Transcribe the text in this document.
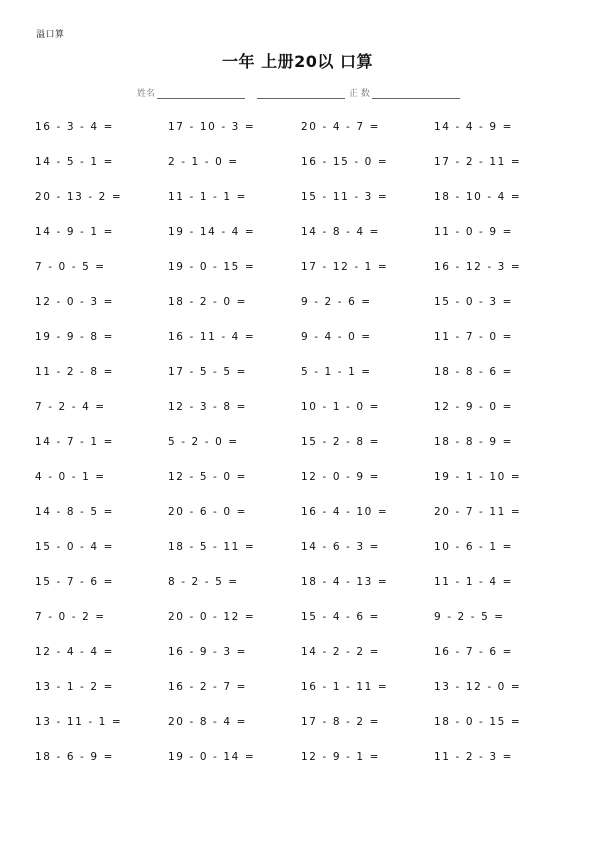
溢口算
一年 上册20以 口算
姓名	正 数
16 - 3 - 4 =	17 - 10 - 3 =	20 - 4 - 7 =	14 - 4 - 9 =
14 - 5 - 1 =	2 - 1 - 0 =	16 - 15 - 0 =	17 - 2 - 11 =
20 - 13 - 2 =	11 - 1 - 1 =	15 - 11 - 3 =	18 - 10 - 4 =
14 - 9 - 1 =	19 - 14 - 4 =	14 - 8 - 4 =	11 - 0 - 9 =
7 - 0 - 5 =	19 - 0 - 15 =	17 - 12 - 1 =	16 - 12 - 3 =
12 - 0 - 3 =	18 - 2 - 0 =	9 - 2 - 6 =	15 - 0 - 3 =
19 - 9 - 8 =	16 - 11 - 4 =	9 - 4 - 0 =	11 - 7 - 0 =
11 - 2 - 8 =	17 - 5 - 5 =	5 - 1 - 1 =	18 - 8 - 6 =
7 - 2 - 4 =	12 - 3 - 8 =	10 - 1 - 0 =	12 - 9 - 0 =
14 - 7 - 1 =	5 - 2 - 0 =	15 - 2 - 8 =	18 - 8 - 9 =
4 - 0 - 1 =	12 - 5 - 0 =	12 - 0 - 9 =	19 - 1 - 10 =
14 - 8 - 5 =	20 - 6 - 0 =	16 - 4 - 10 =	20 - 7 - 11 =
15 - 0 - 4 =	18 - 5 - 11 =	14 - 6 - 3 =	10 - 6 - 1 =
15 - 7 - 6 =	8 - 2 - 5 =	18 - 4 - 13 =	11 - 1 - 4 =
7 - 0 - 2 =	20 - 0 - 12 =	15 - 4 - 6 =	9 - 2 - 5 =
12 - 4 - 4 =	16 - 9 - 3 =	14 - 2 - 2 =	16 - 7 - 6 =
13 - 1 - 2 =	16 - 2 - 7 =	16 - 1 - 11 =	13 - 12 - 0 =
13 - 11 - 1 =	20 - 8 - 4 =	17 - 8 - 2 =	18 - 0 - 15 =
18 - 6 - 9 =	19 - 0 - 14 =	12 - 9 - 1 =	11 - 2 - 3 =
